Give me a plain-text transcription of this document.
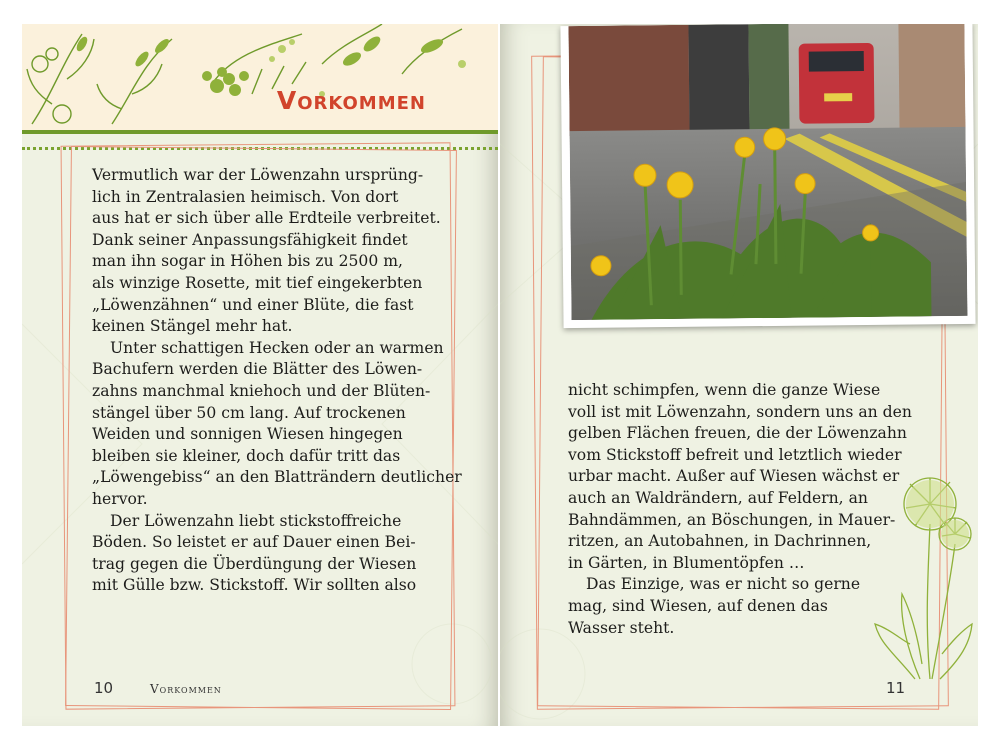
Vorkommen

Vermutlich war der Löwenzahn ursprüng-
lich in Zentralasien heimisch. Von dort
aus hat er sich über alle Erdteile verbreitet.
Dank seiner Anpassungsfähigkeit findet
man ihn sogar in Höhen bis zu 2500 m,
als winzige Rosette, mit tief eingekerbten
„Löwenzähnen“ und einer Blüte, die fast
keinen Stängel mehr hat.

Unter schattigen Hecken oder an warmen
Bachufern werden die Blätter des Löwen-
zahns manchmal kniehoch und der Blüten-
stängel über 50 cm lang. Auf trockenen
Weiden und sonnigen Wiesen hingegen
bleiben sie kleiner, doch dafür tritt das
„Löwengebiss“ an den Blatträndern deutlicher
hervor.

Der Löwenzahn liebt stickstoffreiche
Böden. So leistet er auf Dauer einen Bei-
trag gegen die Überdüngung der Wiesen
mit Gülle bzw. Stickstoff. Wir sollten also

10	Vorkommen

nicht schimpfen, wenn die ganze Wiese
voll ist mit Löwenzahn, sondern uns an den
gelben Flächen freuen, die der Löwenzahn
vom Stickstoff befreit und letztlich wieder
urbar macht. Außer auf Wiesen wächst er
auch an Waldrändern, auf Feldern, an
Bahndämmen, an Böschungen, in Mauer-
ritzen, an Autobahnen, in Dachrinnen,
in Gärten, in Blumentöpfen …

Das Einzige, was er nicht so gerne
mag, sind Wiesen, auf denen das
Wasser steht.

11
